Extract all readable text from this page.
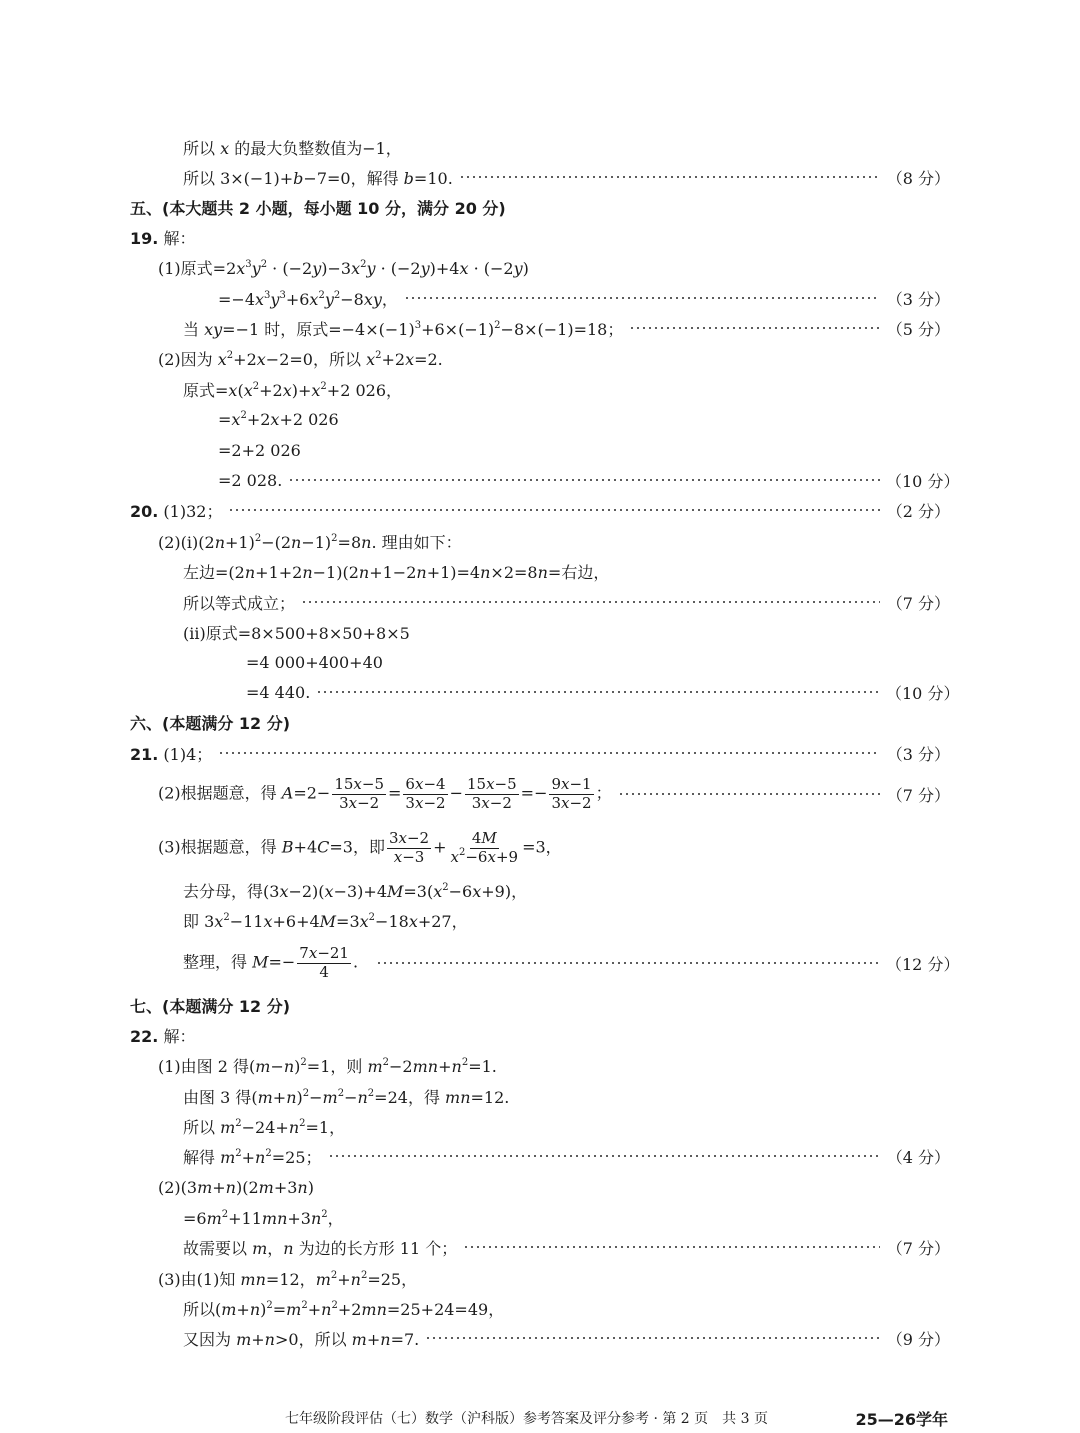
所以 x 的最大负整数值为−1，
所以 3×(−1)+b−7=0，解得 b=10.	（8 分）
五、(本大题共 2 小题，每小题 10 分，满分 20 分)
19. 解：
(1)原式$=2x^3y^2 \cdot (-2y)-3x^2y \cdot (-2y)+4x \cdot (-2y)$
$=-4x^3y^3+6x^2y^2-8xy$，	（3 分）
当 xy=−1 时，原式$=-4\times(-1)^3+6\times(-1)^2-8\times(-1)=18$；	（5 分）
(2)因为 $x^2+2x-2=0$，所以 $x^2+2x=2$.
原式$=x(x^2+2x)+x^2+2$ 026，
$=x^2+2x+2$ 026
=2+2 026
=2 028.	（10 分）
20. (1)32；	（2 分）
$(2)(i)(2n+1)^2-(2n-1)^2=8n$. 理由如下：
左边=(2n+1+2n−1)(2n+1−2n+1)=4n×2=8n=右边，
所以等式成立；	（7 分）
(ii)原式=8×500+8×50+8×5
=4 000+400+40
=4 440.	（10 分）
六、(本题满分 12 分)
21. (1)4；	（3 分）
(2)根据题意，得 $A=2- \frac{15x-5}{3x-2} = \frac{6x-4}{3x-2} - \frac{15x-5}{3x-2} =- \frac{9x-1}{3x-2}$ ；	（7 分）
(3)根据题意，得 B+4C=3，即 $\frac{3x-2}{x-3} + \frac{4M}{x^2-6x+9} =3$，
去分母，得$(3x-2)(x-3)+4M=3(x^2-6x+9)$，
即 $3x^2-11x+6+4M=3x^2-18x+27$，
整理，得 $M=- \frac{7x-21}{4}$ .	（12 分）
七、(本题满分 12 分)
22. 解：
(1)由图 2 得$(m-n)^2=1$，则 $m^2-2mn+n^2=1$.
由图 3 得$(m+n)^2-m^2-n^2=24$，得 mn=12.
所以 $m^2-24+n^2=1$，
解得 $m^2+n^2=25$；	（4 分）
(2)(3m+n)(2m+3n)
$=6m^2+11mn+3n^2$，
故需要以 m，n 为边的长方形 11 个；	（7 分）
(3)由(1)知 mn=12，$m^2+n^2=25$，
所以$(m+n)^2=m^2+n^2+2mn=25+24=49$，
又因为 m+n>0，所以 m+n=7.	（9 分）
七年级阶段评估（七）数学（沪科版）参考答案及评分参考 · 第 2 页　共 3 页	25—26学年
